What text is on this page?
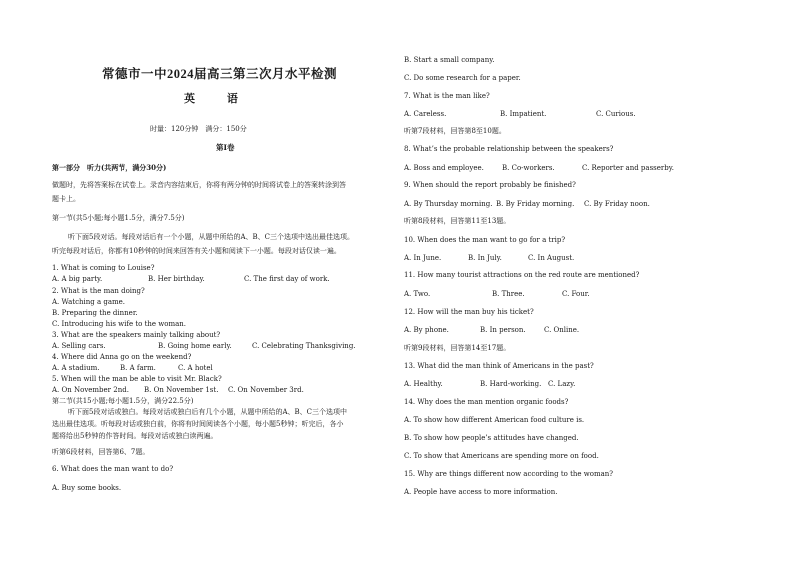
常德市一中2024届高三第三次月水平检测
英 语
时量：120分钟　满分：150分
第Ⅰ卷
第一部分　听力(共两节，满分30分)
做题时，先将答案标在试卷上。录音内容结束后，你将有两分钟的时间将试卷上的答案转涂到答
题卡上。
第一节(共5小题;每小题1.5分，满分7.5分)
听下面5段对话。每段对话后有一个小题，从题中所给的A、B、C三个选项中选出最佳选项。
听完每段对话后，你都有10秒钟的时间来回答有关小题和阅读下一小题。每段对话仅读一遍。
1. What is coming to Louise?
A. A big party.	B. Her birthday.	C. The first day of work.
2. What is the man doing?
A. Watching a game.
B. Preparing the dinner.
C. Introducing his wife to the woman.
3. What are the speakers mainly talking about?
A. Selling cars.	B. Going home early.	C. Celebrating Thanksgiving.
4. Where did Anna go on the weekend?
A. A stadium.	B. A farm.	C. A hotel
5. When will the man be able to visit Mr. Black?
A. On November 2nd.	B. On November 1st.	C. On November 3rd.
第二节(共15小题;每小题1.5分，满分22.5分)
听下面5段对话或独白。每段对话或独白后有几个小题，从题中所给的A、B、C三个选项中
选出最佳选项。听每段对话或独白前，你将有时间阅读各个小题，每小题5秒钟；听完后，各小
题将给出5秒钟的作答时间。每段对话或独白读两遍。
听第6段材料，回答第6、7题。
6. What does the man want to do?
A. Buy some books.
B. Start a small company.
C. Do some research for a paper.
7. What is the man like?
A. Careless.	B. Impatient.	C. Curious.
听第7段材料，回答第8至10题。
8. What’s the probable relationship between the speakers?
A. Boss and employee.	B. Co-workers.	C. Reporter and passerby.
9. When should the report probably be finished?
A. By Thursday morning. B. By Friday morning.	C. By Friday noon.
听第8段材料，回答第11至13题。
10. When does the man want to go for a trip?
A. In June.	B. In July.	C. In August.
11. How many tourist attractions on the red route are mentioned?
A. Two.	B. Three.	C. Four.
12. How will the man buy his ticket?
A. By phone.	B. In person.	C. Online.
听第9段材料，回答第14至17题。
13. What did the man think of Americans in the past?
A. Healthy.	B. Hard-working. C. Lazy.
14. Why does the man mention organic foods?
A. To show how different American food culture is.
B. To show how people’s attitudes have changed.
C. To show that Americans are spending more on food.
15. Why are things different now according to the woman?
A. People have access to more information.
